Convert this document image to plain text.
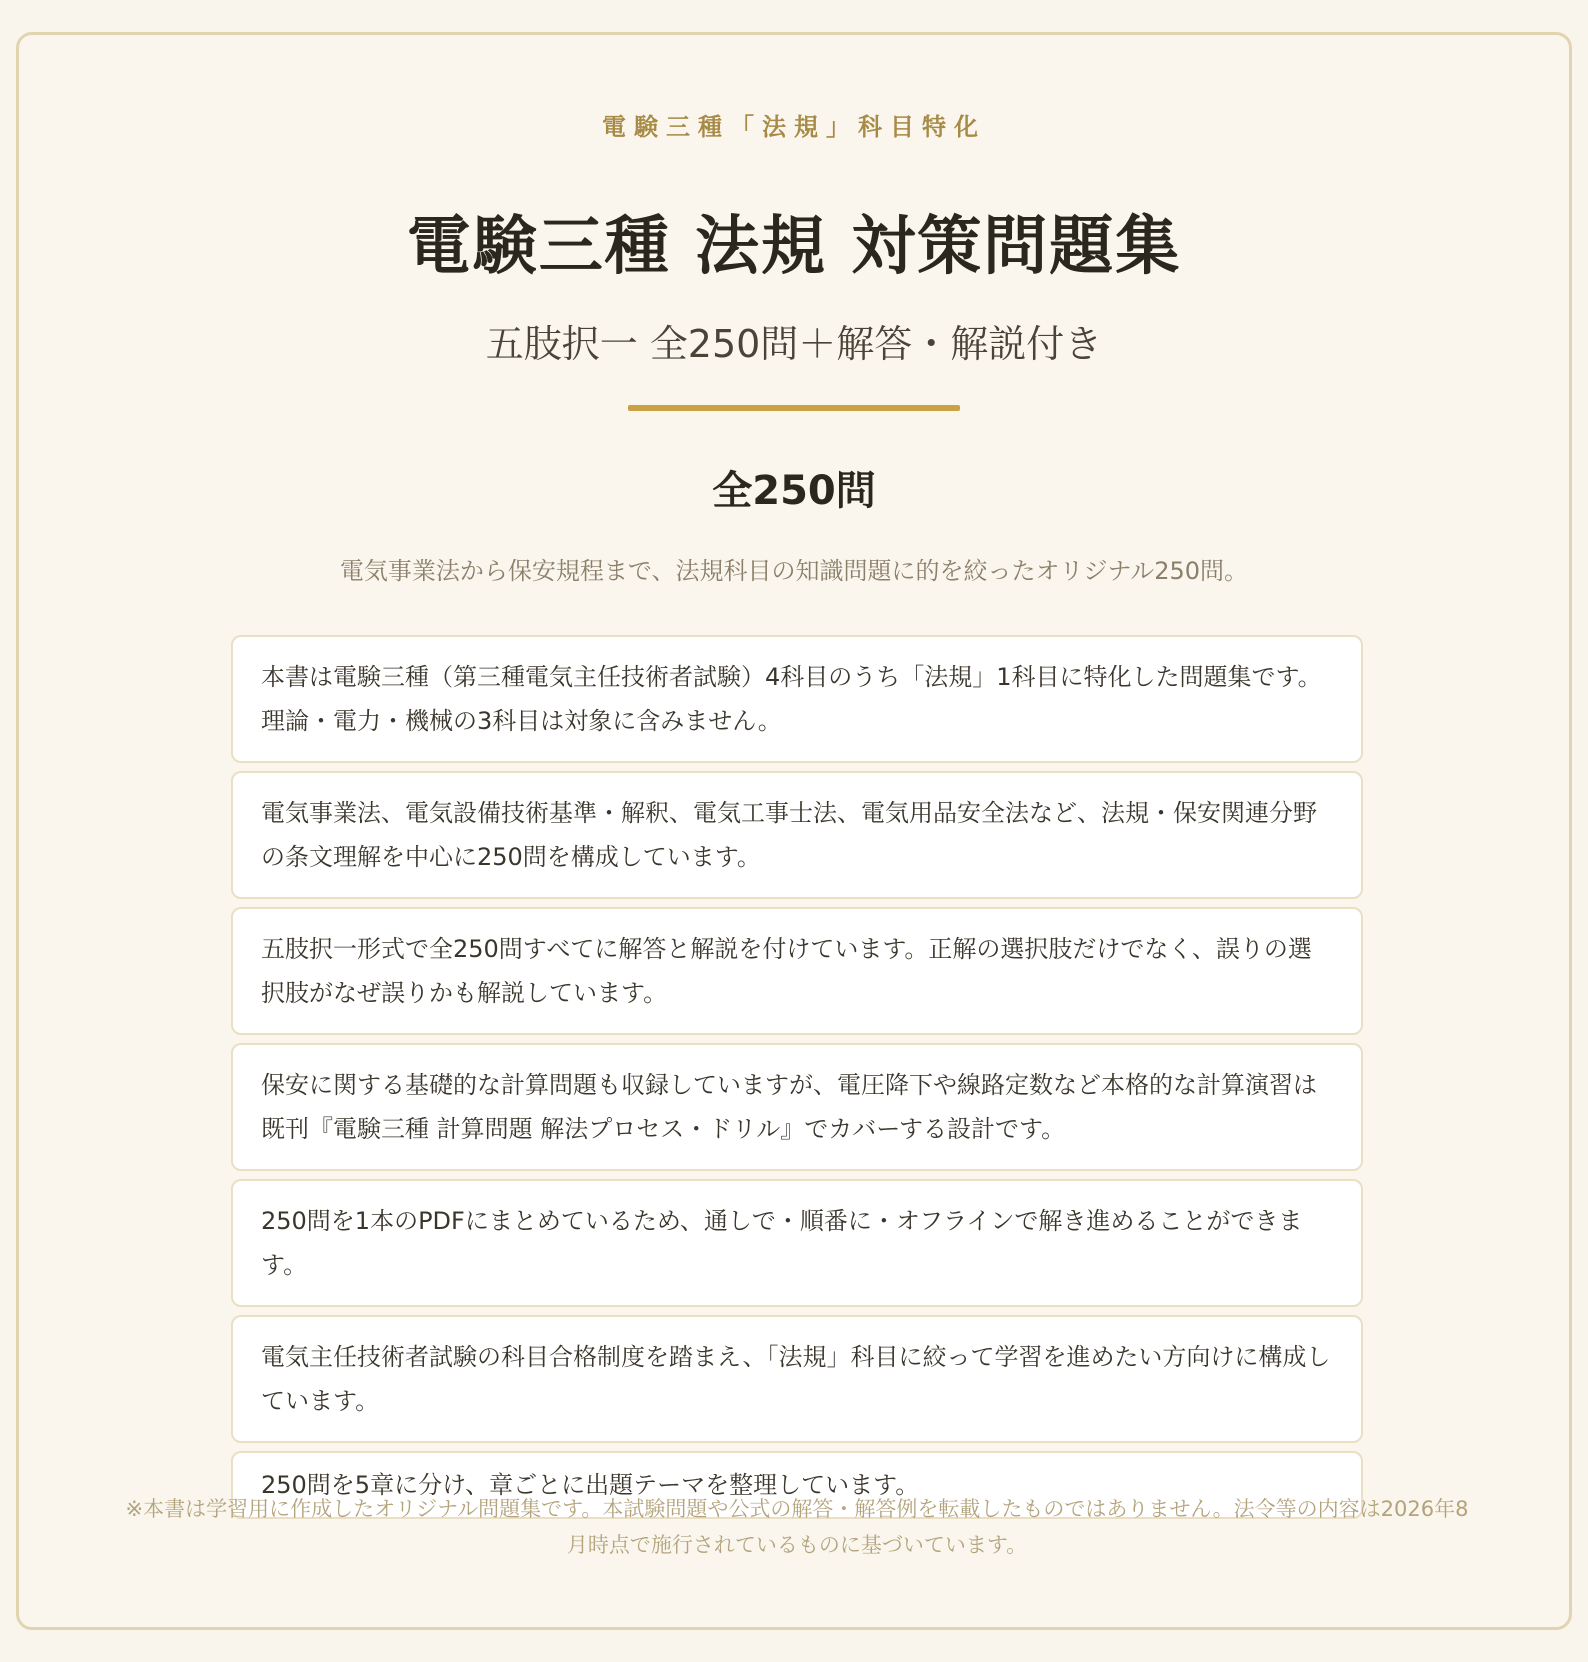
電験三種「法規」科目特化
電験三種 法規 対策問題集
五肢択一 全250問＋解答・解説付き
全250問

電気事業法から保安規程まで、法規科目の知識問題に的を絞ったオリジナル250問。

本書は電験三種（第三種電気主任技術者試験）4科目のうち「法規」1科目に特化した問題集です。理論・電力・機械の3科目は対象に含みません。
電気事業法、電気設備技術基準・解釈、電気工事士法、電気用品安全法など、法規・保安関連分野の条文理解を中心に250問を構成しています。
五肢択一形式で全250問すべてに解答と解説を付けています。正解の選択肢だけでなく、誤りの選択肢がなぜ誤りかも解説しています。
保安に関する基礎的な計算問題も収録していますが、電圧降下や線路定数など本格的な計算演習は既刊『電験三種 計算問題 解法プロセス・ドリル』でカバーする設計です。
250問を1本のPDFにまとめているため、通しで・順番に・オフラインで解き進めることができます。
電気主任技術者試験の科目合格制度を踏まえ、「法規」科目に絞って学習を進めたい方向けに構成しています。
250問を5章に分け、章ごとに出題テーマを整理しています。

※本書は学習用に作成したオリジナル問題集です。本試験問題や公式の解答・解答例を転載したものではありません。法令等の内容は2026年8月時点で施行されているものに基づいています。
